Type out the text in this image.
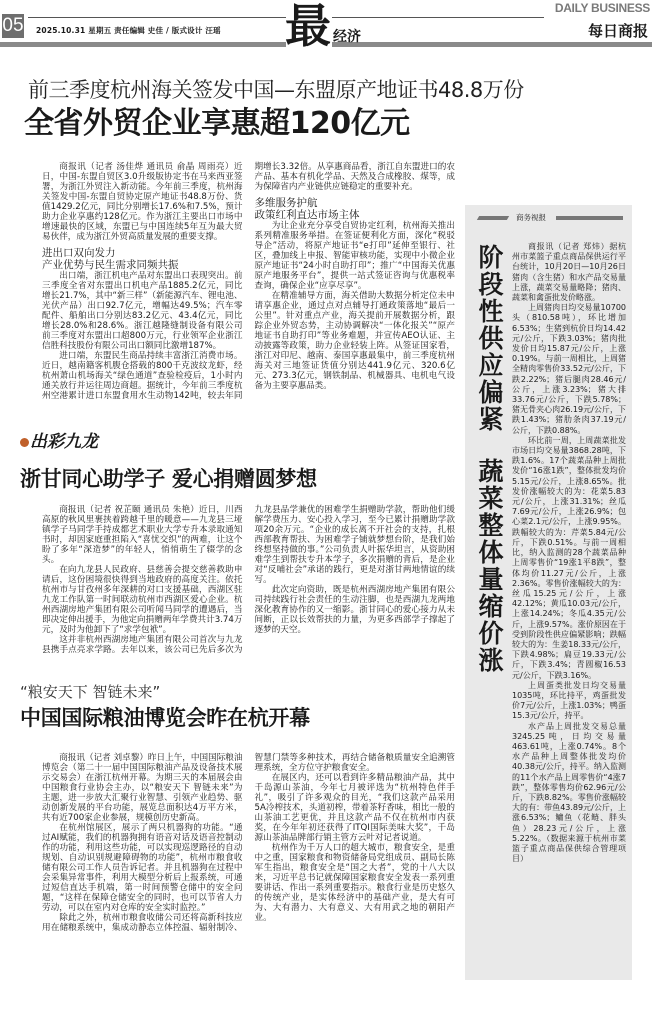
05 2025.10.31 星期五 责任编辑 史佳 / 版式设计 汪瑶 最 经济
DAILY BUSINESS
每日商报
前三季度杭州海关签发中国—东盟原产地证书48.8万份
全省外贸企业享惠超120亿元

商报讯（记者 汤佳烨 通讯员 俞晶 周雨亮）近日，中国-东盟自贸区3.0升级版协定书在马来西亚签署，为浙江外贸注入新动能。今年前三季度，杭州海关签发中国-东盟自贸协定原产地证书48.8万份、货值1429.2亿元，同比分别增长17.6%和7.5%，预计助力企业享惠约128亿元。作为浙江主要出口市场中增速最快的区域，东盟已与中国连续5年互为最大贸易伙伴，成为浙江外贸高质量发展的重要支撑。

进出口双向发力
产业优势与民生需求同频共振

出口端，浙江机电产品对东盟出口表现突出。前三季度全省对东盟出口机电产品1885.2亿元，同比增长21.7%，其中“新三样”（新能源汽车、锂电池、光伏产品）出口92.7亿元，增幅达49.5%；汽车零配件、船舶出口分别达83.2亿元、43.4亿元，同比增长28.0%和28.6%。浙江越隆缝制设备有限公司前三季度对东盟出口超800万元，行业领军企业浙江信胜科技股份有限公司出口额同比激增187%。

进口端，东盟民生商品持续丰富浙江消费市场。近日，越南籍客机腹仓搭载的800千克波纹龙虾，经杭州萧山机场海关“绿色通道”查验检疫后，1小时内通关放行并运往周边商超。据统计，今年前三季度杭州空港累计进口东盟食用水生动物142吨，较去年同期增长3.32倍。从享惠商品看，浙江自东盟进口的农产品、基本有机化学品、天然及合成橡胶、煤等，成为保障省内产业链供应链稳定的重要补充。

多维服务护航
政策红利直达市场主体

为让企业充分享受自贸协定红利，杭州海关推出系列精准服务举措。在签证便利化方面，深化“税驳导企”活动，将原产地证书“e打印”延伸至银行、社区，叠加线上申报、智能审核功能，实现中小微企业原产地证书“24小时自助打印”；推广“中国海关优惠原产地服务平台”，提供一站式签证咨询与优惠税率查询，确保企业“应享尽享”。

在精准辅导方面，海关借助大数据分析定位未申请享惠企业，通过点对点辅导打通政策落地“最后一公里”。针对重点产业，海关提前开展数据分析，跟踪企业外贸态势，主动协调解决“一体化报关”“原产地证书自助打印”等业务难题，并宣传AEO认证、主动披露等政策，助力企业轻装上阵。从签证国家看，浙江对印尼、越南、泰国享惠最集中，前三季度杭州海关对三地签证货值分别达441.9亿元、320.6亿元、273.3亿元，钢铁制品、机械器具、电机电气设备为主要享惠品类。

出彩九龙
浙甘同心助学子 爱心捐赠圆梦想

商报讯（记者 祝芷颐 通讯员 朱艳）近日，川西高原的秋风里裹挟着跨越千里的暖意——九龙县三垭镇学子马同学手持成都艺术职业大学专升本录取通知书时，却因家庭重担陷入“喜忧交织”的两难，让这个盼了多年“深造梦”的年轻人，悄悄萌生了辍学的念头。

在向九龙县人民政府、县慈善会提交慈善救助申请后，这份困境很快得到当地政府的高度关注。依托杭州市与甘孜州多年深耕的对口支援基础，西湖区驻九龙工作队第一时间联动杭州市西湖区爱心企业。杭州西湖房地产集团有限公司听闻马同学的遭遇后，当即决定伸出援手，为他定向捐赠两年学费共计3.74万元，及时为他卸下了“求学包袱”。

这并非杭州西湖房地产集团有限公司首次与九龙县携手点亮求学路。去年以来，该公司已先后多次为九龙县品学兼优的困难学生捐赠助学款，帮助他们缓解学费压力、安心投入学习，至今已累计捐赠助学款项20余万元。“企业的成长离不开社会的支持，扎根西部教育帮扶、为困难学子铺就梦想台阶，是我们始终想坚持做的事。”公司负责人叶振华坦言，从资助困难学生到帮扶专升本学子，多次捐赠的背后，是企业对“反哺社会”承诺的践行，更是对浙甘两地情谊的续写。

此次定向资助，既是杭州西湖房地产集团有限公司持续践行社会责任的生动注脚，也是西湖九龙两地深化教育协作的又一缩影。浙甘同心的爱心接力从未间断，正以长效帮扶的力量，为更多西部学子撑起了逐梦的天空。

“粮安天下 智链未来”
中国国际粮油博览会昨在杭开幕

商报讯（记者 刘卓黎）昨日上午，中国国际粮油博览会（第二十一届中国国际粮油产品及设备技术展示交易会）在浙江杭州开幕。为期三天的本届展会由中国粮食行业协会主办，以“粮安天下 智链未来”为主题，进一步放大汇聚行业智慧、引领产业趋势、驱动创新发展的平台功能，展览总面积达4万平方米，共有近700家企业参展，规模创历史新高。

在杭州馆展区，展示了两只机器狗的功能。“通过AI赋能，我们的机器狗拥有语音对话及语音控制动作的功能，利用这些功能，可以实现巡逻路径的自动规划、自动识别规避障碍物的功能”，杭州市粮食收储有限公司工作人员告诉记者。并且机器狗在过程中会采集异常事件，利用大模型分析后上报系统，可通过短信直达手机端，第一时间预警仓储中的安全问题，“这样在保障仓储安全的同时，也可以节省人力劳动，可以在室内对仓库的安全实时监控。”

除此之外，杭州市粮食收储公司还将高新科技应用在储粮系统中，集成动静态立体控温、辐射制冷、智慧门禁等多种技术，再结合储备粮质量安全追溯管理系统，全方位守护粮食安全。

在展区内，还可以看到许多精品粮油产品，其中千岛源山茶油，今年七月被评选为“杭州特色伴手礼”，吸引了许多观众的目光，“我们这款产品采用5A冷榨技术，头道初榨，带着茶籽香味，相比一般的山茶油工艺更优，并且这款产品不仅在杭州市内获奖，在今年年初还获得了ITQI国际美味大奖”，千岛源山茶油品牌部行销主管方云叶对记者说道。

杭州作为千万人口的超大城市，粮食安全，是重中之重，国家粮食和物资储备局党组成员、副局长陈军生指出，粮食安全是“国之大者”，党的十八大以来，习近平总书记就保障国家粮食安全发表一系列重要讲话、作出一系列重要指示。粮食行业是历史悠久的传统产业，是实体经济中的基础产业，是大有可为、大有潜力、大有意义、大有用武之地的朝阳产业。

商务视报
阶段性供应偏紧
蔬菜整体量缩价涨

商报讯（记者 郑炜）据杭州市菜篮子重点商品保供运行平台统计，10月20日—10月26日猪肉（含生猪）和水产品交易量上涨，蔬菜交易量略降；猪肉、蔬菜和禽蛋批发价略涨。

上周猪肉日均交易量10700头（810.58吨），环比增加6.53%；生猪到杭价日均14.42元/公斤，下跌3.03%；猪肉批发价日均15.87元/公斤，上涨0.19%。与前一周相比，上周猪全精肉零售价33.52元/公斤，下跌2.22%；猪后腿肉28.46元/公斤，上涨3.23%；猪大排33.76元/公斤，下跌5.78%；猪无骨夹心肉26.19元/公斤，下跌1.43%；猪肋条肉37.19元/公斤，下跌0.88%。

环比前一周，上周蔬菜批发市场日均交易量3868.28吨，下跌1.6%。17个蔬菜品种上周批发价“16涨1跌”，整体批发均价5.15元/公斤，上涨8.65%。批发价涨幅较大的为：花菜5.83元/公斤，上涨31.31%；丝瓜7.69元/公斤，上涨26.9%；包心菜2.1元/公斤，上涨9.95%。跌幅较大的为：芹菜5.84元/公斤，下跌0.51%。与前一周相比，纳入监测的28个蔬菜品种上周零售价“19涨1平8跌”，整体均价11.27元/公斤，上涨2.36%。零售价涨幅较大的为：丝瓜15.25元/公斤，上涨42.12%；黄瓜10.03元/公斤，上涨14.24%；冬瓜4.35元/公斤，上涨9.57%。涨价原因在于受到阶段性供应偏紧影响；跌幅较大的为：生姜18.33元/公斤，下跌4.98%；扁豆19.33元/公斤，下跌3.4%；青圆椒16.53元/公斤，下跌3.16%。

上周蛋类批发日均交易量1035吨，环比持平，鸡蛋批发价7元/公斤，上涨1.03%；鸭蛋15.3元/公斤，持平。

水产品上周批发交易总量3245.25吨，日均交易量463.61吨，上涨0.74%。8个水产品种上周整体批发均价40.38元/公斤，持平。纳入监测的11个水产品上周零售价“4涨7跌”，整体零售均价62.96元/公斤，下跌8.82%。零售价涨幅较大的有：带鱼43.89元/公斤，上涨6.53%；鳙鱼（花鲢、胖头鱼）28.23元/公斤，上涨5.22%。（数据来源于杭州市菜篮子重点商品保供综合管理项目）
